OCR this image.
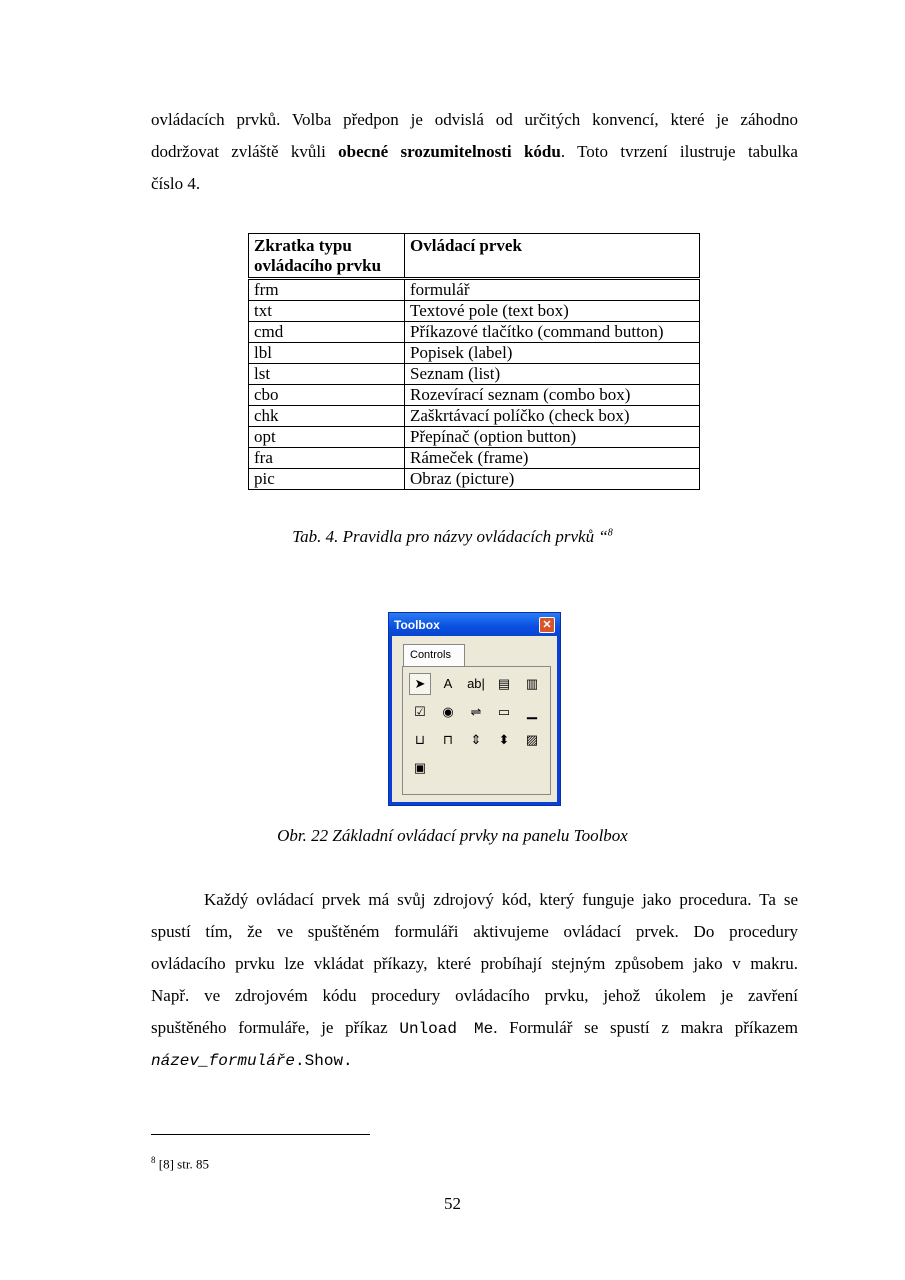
ovládacích prvků. Volba předpon je odvislá od určitých konvencí, které je záhodno
dodržovat zvláště kvůli obecné srozumitelnosti kódu. Toto tvrzení ilustruje tabulka
číslo 4.
Zkratka typu ovládacího prvku	Ovládací prvek
frm	formulář
txt	Textové pole (text box)
cmd	Příkazové tlačítko (command button)
lbl	Popisek (label)
lst	Seznam (list)
cbo	Rozevírací seznam (combo box)
chk	Zaškrtávací políčko (check box)
opt	Přepínač (option button)
fra	Rámeček (frame)
pic	Obraz (picture)
Tab. 4. Pravidla pro názvy ovládacích prvků “$^8$
Toolbox	✕
Controls
➤	A	ab| ▤	▥
☑	◉	⇌	▭	▁
⊔	⊓	⇕	⬍	▨
▣
Obr. 22 Základní ovládací prvky na panelu Toolbox
Každý ovládací prvek má svůj zdrojový kód, který funguje jako procedura. Ta se
spustí tím, že ve spuštěném formuláři aktivujeme ovládací prvek. Do procedury
ovládacího prvku lze vkládat příkazy, které probíhají stejným způsobem jako v makru.
Např. ve zdrojovém kódu procedury ovládacího prvku, jehož úkolem je zavření
spuštěného formuláře, je příkaz Unload Me. Formulář se spustí z makra příkazem
název_formuláře.Show.
$^8$ [8] str. 85
52
